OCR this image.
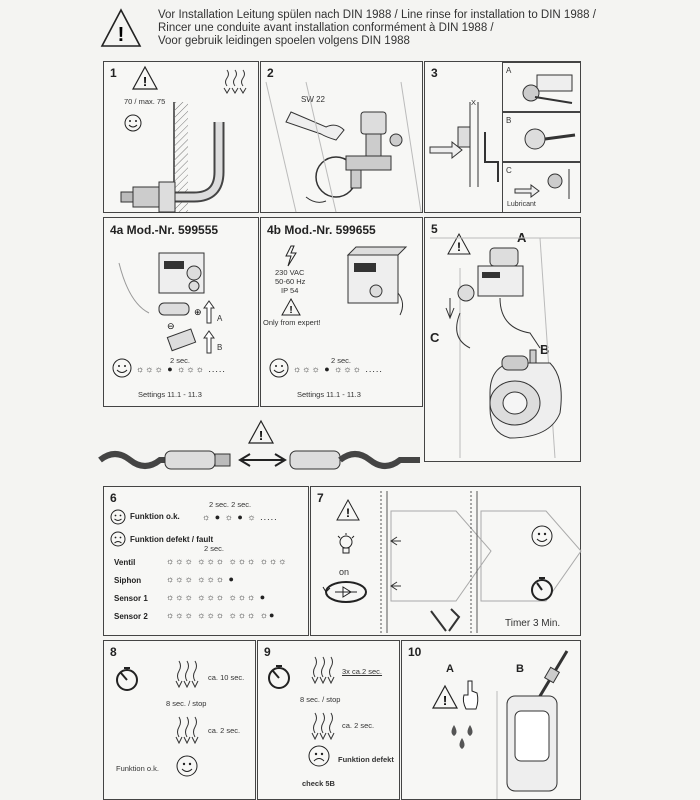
!
Vor Installation Leitung spülen nach DIN 1988 / Line rinse for installation to DIN 1988 /
Rincer une conduite avant installation conformément à DIN 1988 /
Voor gebruik leidingen spoelen volgens DIN 1988
1
!
70 / max. 75
2
SW 22
3
X
A
B
C
Lubricant
4a Mod.-Nr. 599555
⊖
⊕
A
B
2 sec.
☼☼☼ ● ☼☼☼ .....
Settings 11.1 - 11.3
4b Mod.-Nr. 599655
230 VAC
50-60 Hz
IP 54
!
Only from expert!
2 sec.
☼☼☼ ● ☼☼☼ .....
Settings 11.1 - 11.3
5
A
B
C
!
!
6	2 sec. 2 sec.
Funktion o.k. ☼ ● ☼ ● ☼ .....
Funktion defekt / fault
2 sec.
Ventil	☼☼☼ ☼☼☼ ☼☼☼ ☼☼☼
Siphon	☼☼☼ ☼☼☼ ●
Sensor 1 ☼☼☼ ☼☼☼ ☼☼☼ ●
Sensor 2 ☼☼☼ ☼☼☼ ☼☼☼ ☼●
7
!
on
Timer 3 Min.
8
ca. 10 sec.
8 sec. / stop
ca. 2 sec.
Funktion o.k.
9
3x ca.2 sec.
8 sec. / stop
ca. 2 sec.
Funktion defekt
check 5B
10
A	B
!
